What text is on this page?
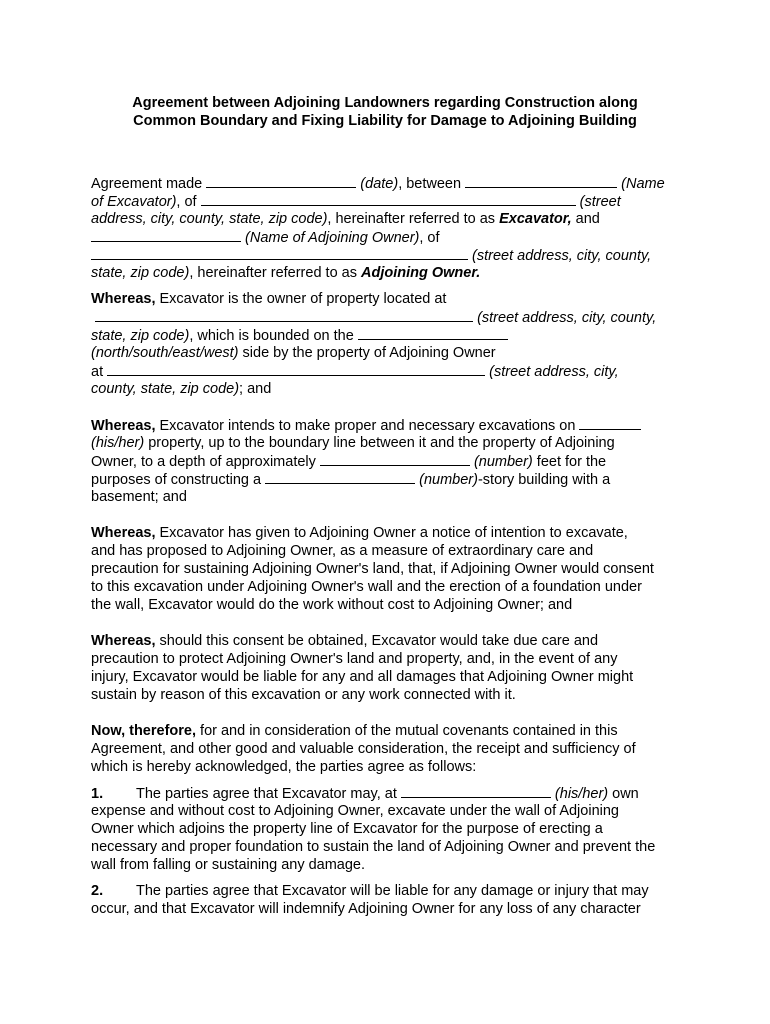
Agreement between Adjoining Landowners regarding Construction along
Common Boundary and Fixing Liability for Damage to Adjoining Building
Agreement made	(date), between	(Name
of Excavator), of	(street
address, city, county, state, zip code), hereinafter referred to as Excavator, and
(Name of Adjoining Owner), of
(street address, city, county,
state, zip code), hereinafter referred to as Adjoining Owner.
Whereas, Excavator is the owner of property located at
(street address, city, county,
state, zip code), which is bounded on the
(north/south/east/west) side by the property of Adjoining Owner
at	(street address, city,
county, state, zip code); and
Whereas, Excavator intends to make proper and necessary excavations on
(his/her) property, up to the boundary line between it and the property of Adjoining
Owner, to a depth of approximately	(number) feet for the
purposes of constructing a	(number)-story building with a
basement; and
Whereas, Excavator has given to Adjoining Owner a notice of intention to excavate,
and has proposed to Adjoining Owner, as a measure of extraordinary care and
precaution for sustaining Adjoining Owner's land, that, if Adjoining Owner would consent
to this excavation under Adjoining Owner's wall and the erection of a foundation under
the wall, Excavator would do the work without cost to Adjoining Owner; and
Whereas, should this consent be obtained, Excavator would take due care and
precaution to protect Adjoining Owner's land and property, and, in the event of any
injury, Excavator would be liable for any and all damages that Adjoining Owner might
sustain by reason of this excavation or any work connected with it.
Now, therefore, for and in consideration of the mutual covenants contained in this
Agreement, and other good and valuable consideration, the receipt and sufficiency of
which is hereby acknowledged, the parties agree as follows:
1. The parties agree that Excavator may, at	(his/her) own
expense and without cost to Adjoining Owner, excavate under the wall of Adjoining
Owner which adjoins the property line of Excavator for the purpose of erecting a
necessary and proper foundation to sustain the land of Adjoining Owner and prevent the
wall from falling or sustaining any damage.
2. The parties agree that Excavator will be liable for any damage or injury that may
occur, and that Excavator will indemnify Adjoining Owner for any loss of any character
